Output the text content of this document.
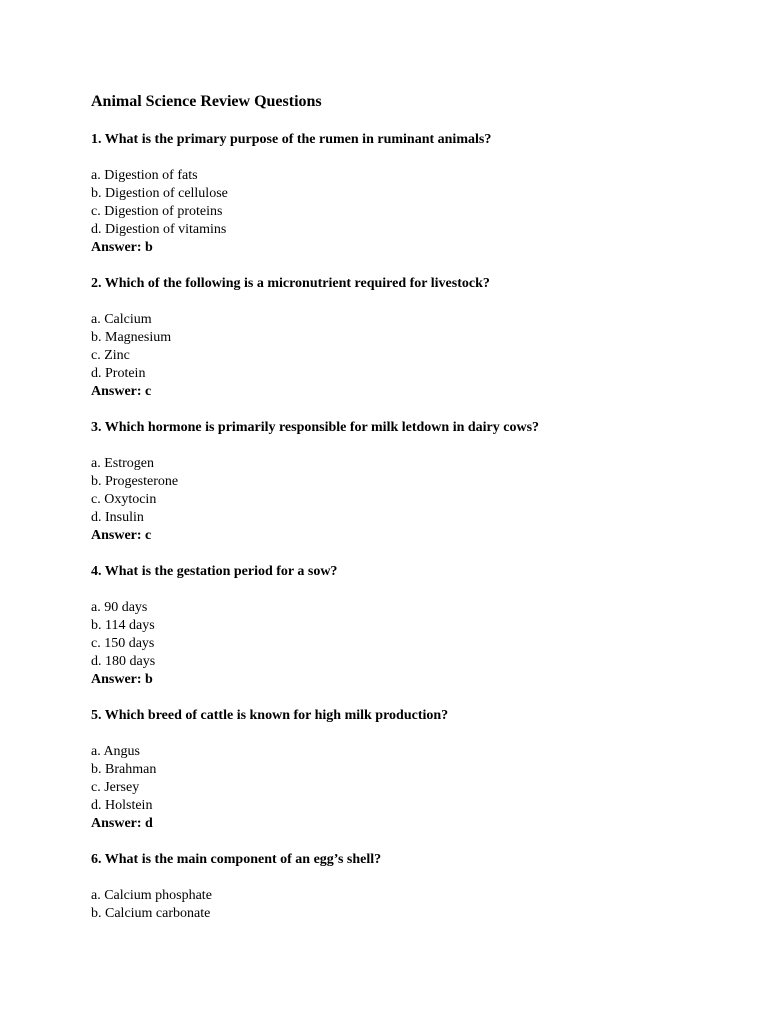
Animal Science Review Questions
1. What is the primary purpose of the rumen in ruminant animals?
a. Digestion of fats
b. Digestion of cellulose
c. Digestion of proteins
d. Digestion of vitamins
Answer: b
2. Which of the following is a micronutrient required for livestock?
a. Calcium
b. Magnesium
c. Zinc
d. Protein
Answer: c
3. Which hormone is primarily responsible for milk letdown in dairy cows?
a. Estrogen
b. Progesterone
c. Oxytocin
d. Insulin
Answer: c
4. What is the gestation period for a sow?
a. 90 days
b. 114 days
c. 150 days
d. 180 days
Answer: b
5. Which breed of cattle is known for high milk production?
a. Angus
b. Brahman
c. Jersey
d. Holstein
Answer: d
6. What is the main component of an egg’s shell?
a. Calcium phosphate
b. Calcium carbonate
